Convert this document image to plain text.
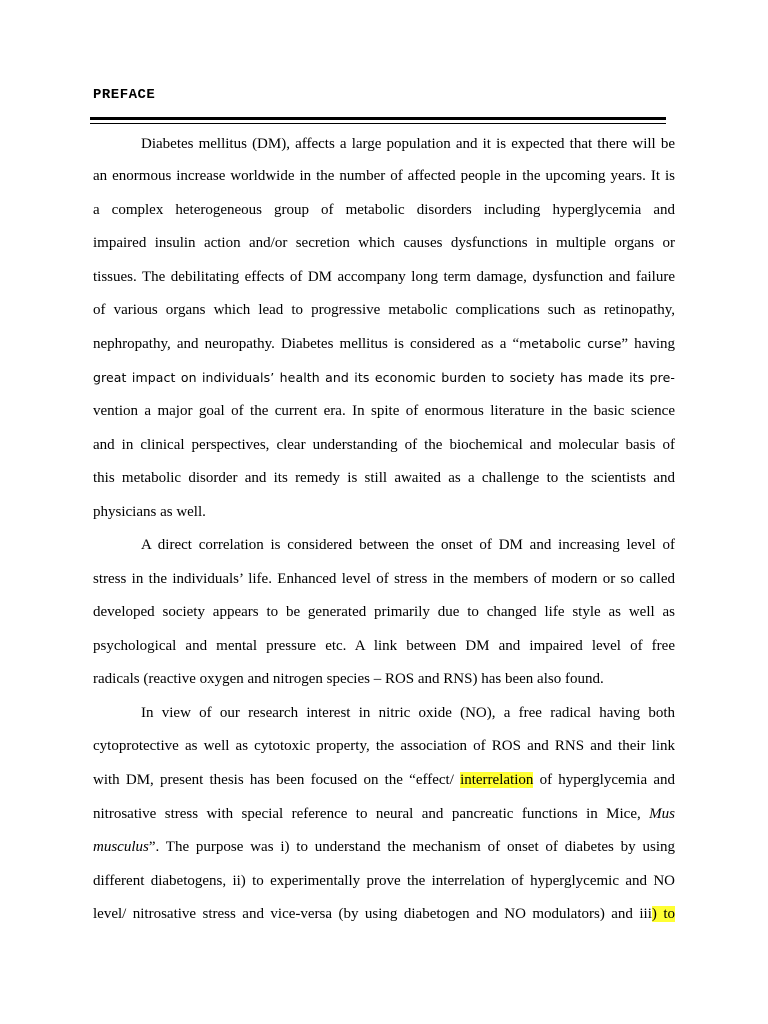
PREFACE
Diabetes mellitus (DM), affects a large population and it is expected that there will be
an enormous increase worldwide in the number of affected people in the upcoming years. It is
a complex heterogeneous group of metabolic disorders including hyperglycemia and
impaired insulin action and/or secretion which causes dysfunctions in multiple organs or
tissues. The debilitating effects of DM accompany long term damage, dysfunction and failure
of various organs which lead to progressive metabolic complications such as retinopathy,
nephropathy, and neuropathy. Diabetes mellitus is considered as a “metabolic curse” having
great impact on individuals’ health and its economic burden to society has made its pre-
vention a major goal of the current era. In spite of enormous literature in the basic science
and in clinical perspectives, clear understanding of the biochemical and molecular basis of
this metabolic disorder and its remedy is still awaited as a challenge to the scientists and
physicians as well.
A direct correlation is considered between the onset of DM and increasing level of
stress in the individuals’ life. Enhanced level of stress in the members of modern or so called
developed society appears to be generated primarily due to changed life style as well as
psychological and mental pressure etc. A link between DM and impaired level of free
radicals (reactive oxygen and nitrogen species – ROS and RNS) has been also found.
In view of our research interest in nitric oxide (NO), a free radical having both
cytoprotective as well as cytotoxic property, the association of ROS and RNS and their link
with DM, present thesis has been focused on the “effect/ interrelation of hyperglycemia and
nitrosative stress with special reference to neural and pancreatic functions in Mice, Mus
musculus”. The purpose was i) to understand the mechanism of onset of diabetes by using
different diabetogens, ii) to experimentally prove the interrelation of hyperglycemic and NO
level/ nitrosative stress and vice-versa (by using diabetogen and NO modulators) and iii) to
